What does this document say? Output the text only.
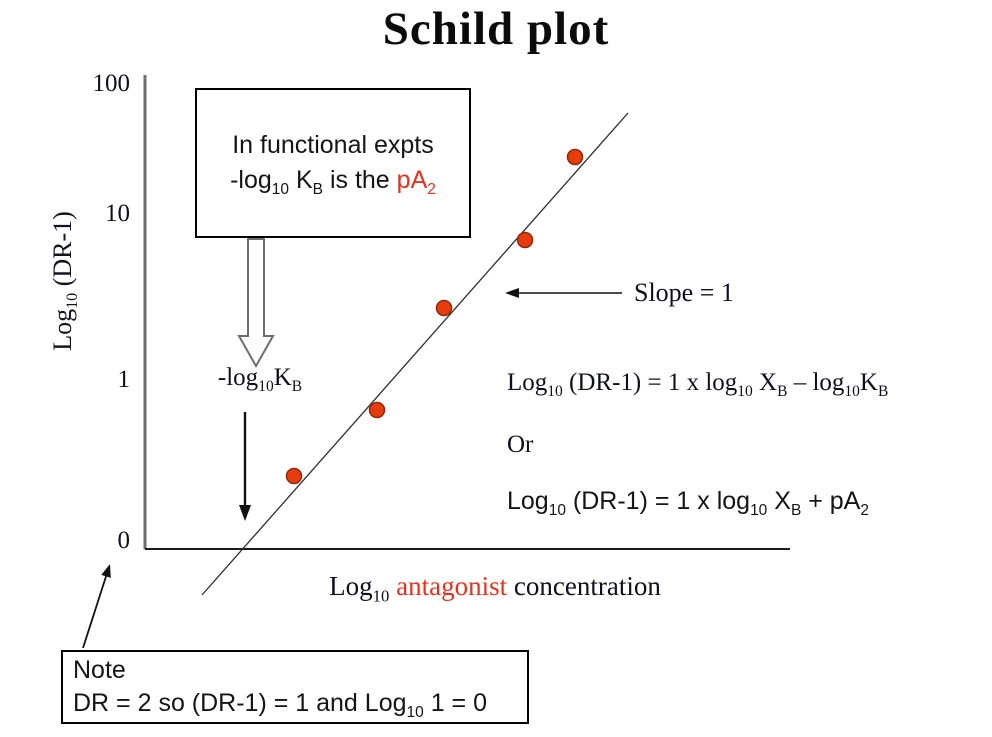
Schild plot
Log$_{10}$ (DR-1)
100
10
1
0
In functional expts
$-\log_{10}$ $K_B$ is the $pA_2$
$-\log_{10}K_B$
Slope = 1
Log$_{10}$ (DR-1) = 1 x $\log_{10} X_B - \log_{10}K_B$
Or
Log$_{10}$ (DR-1) = 1 x $\log_{10} X_B + pA_2$
Log$_{10}$ antagonist concentration
Note
DR = 2 so (DR-1) = 1 and Log$_{10}$ 1 = 0
